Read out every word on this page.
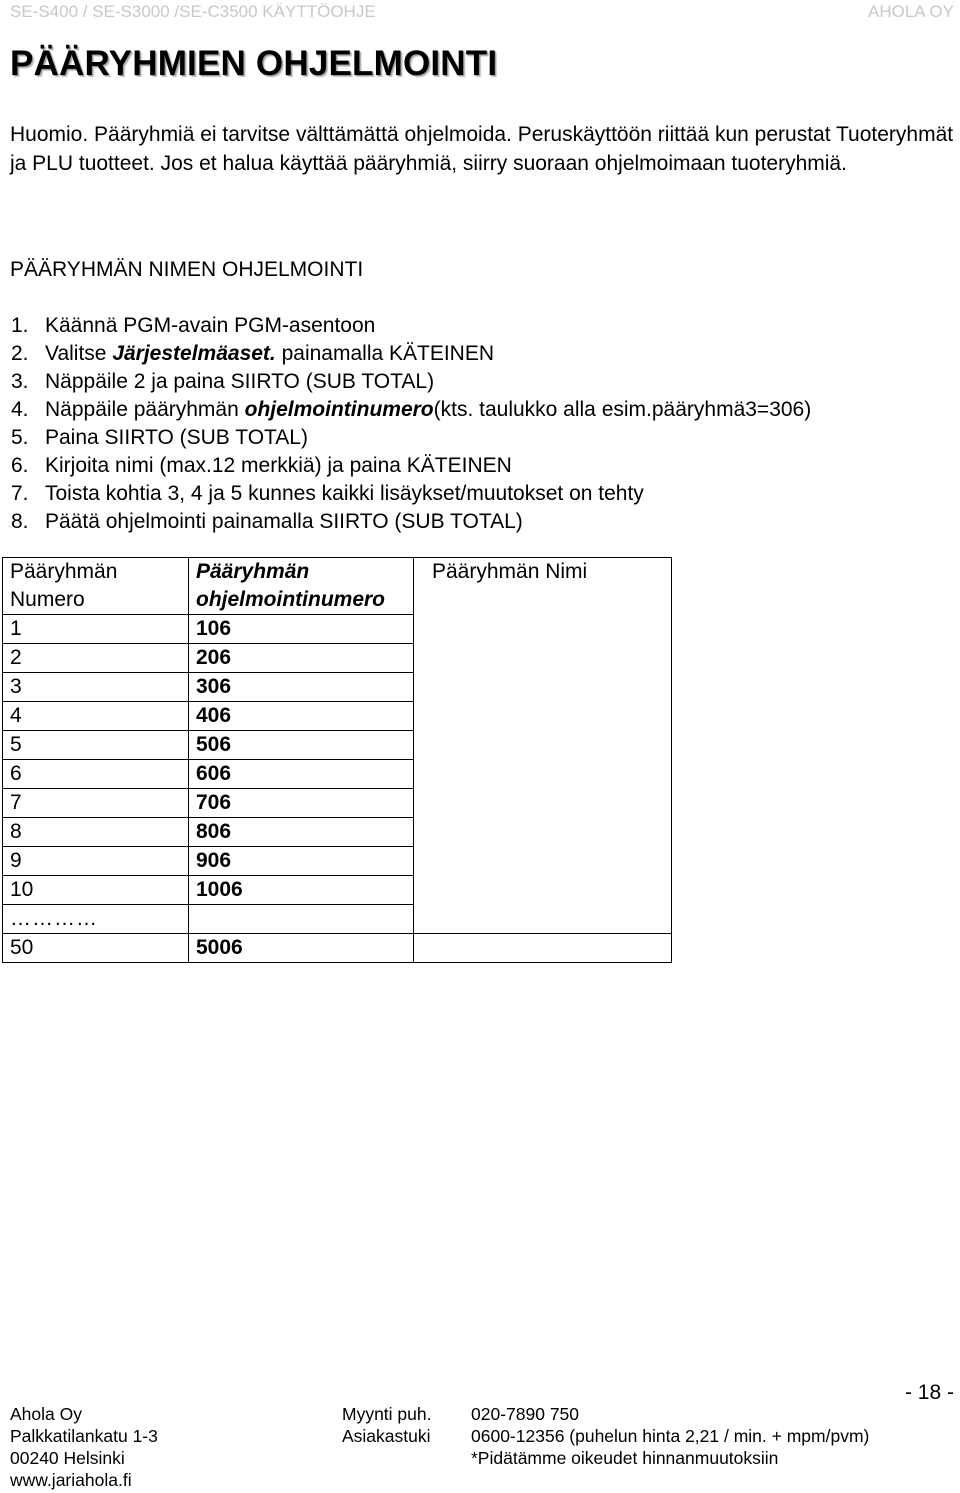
SE-S400 / SE-S3000 /SE-C3500 KÄYTTÖOHJE	AHOLA OY
PÄÄRYHMIEN OHJELMOINTI
Huomio. Pääryhmiä ei tarvitse välttämättä ohjelmoida. Peruskäyttöön riittää kun perustat Tuoteryhmät ja PLU tuotteet. Jos et halua käyttää pääryhmiä, siirry suoraan ohjelmoimaan tuoteryhmiä.
PÄÄRYHMÄN NIMEN OHJELMOINTI
1. Käännä PGM-avain PGM-asentoon
2. Valitse Järjestelmäaset. painamalla KÄTEINEN
3. Näppäile 2 ja paina SIIRTO (SUB TOTAL)
4. Näppäile pääryhmän ohjelmointinumero(kts. taulukko alla esim.pääryhmä3=306)
5. Paina SIIRTO (SUB TOTAL)
6. Kirjoita nimi (max.12 merkkiä) ja paina KÄTEINEN
7. Toista kohtia 3, 4 ja 5 kunnes kaikki lisäykset/muutokset on tehty
8. Päätä ohjelmointi painamalla SIIRTO (SUB TOTAL)
Pääryhmän	Pääryhmän	Pääryhmän Nimi
Numero	ohjelmointinumero	
1	106	
2	206	
3	306	
4	406	
5	506	
6	606	
7	706	
8	806	
9	906	
10	1006	
…………		
50	5006	
- 18 -
Ahola Oy
Palkkatilankatu 1-3
00240 Helsinki
www.jariahola.fi
Myynti puh.
Asiakastuki
020-7890 750
0600-12356 (puhelun hinta 2,21 / min. + mpm/pvm)
*Pidätämme oikeudet hinnanmuutoksiin
